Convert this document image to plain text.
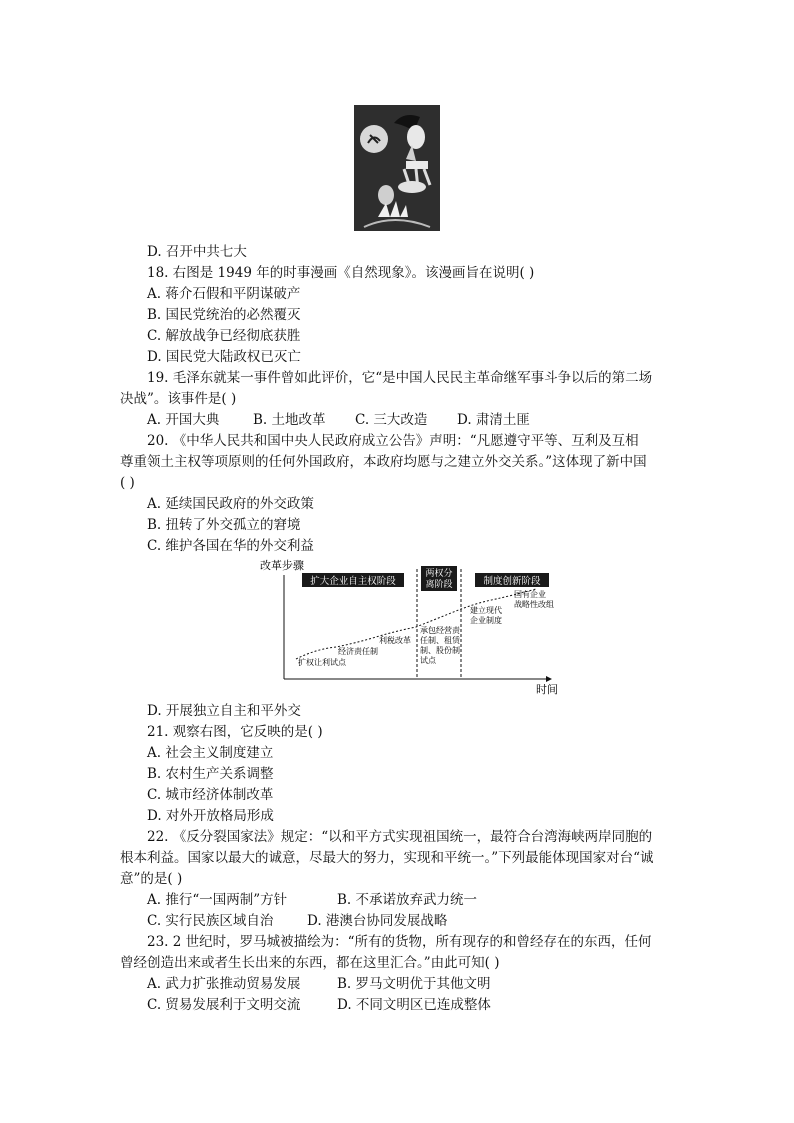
D. 召开中共七大
18. 右图是 1949 年的时事漫画《自然现象》。该漫画旨在说明( )
A. 蒋介石假和平阴谋破产
B. 国民党统治的必然覆灭
C. 解放战争已经彻底获胜
D. 国民党大陆政权已灭亡
19. 毛泽东就某一事件曾如此评价，它“是中国人民民主革命继军事斗争以后的第二场
决战”。该事件是( )
A. 开国大典 B. 土地改革 C. 三大改造 D. 肃清土匪
20. 《中华人民共和国中央人民政府成立公告》声明：“凡愿遵守平等、互利及互相
尊重领土主权等项原则的任何外国政府，本政府均愿与之建立外交关系。”这体现了新中国
( )
A. 延续国民政府的外交政策
B. 扭转了外交孤立的窘境
C. 维护各国在华的外交利益
改革步骤
时间
扩大企业自主权阶段
两权分
离阶段	制度创新阶段
扩权让利试点
经济责任制
利税改革
承包经营责
任制、租赁
制、股份制
试点
建立现代
企业制度
国有企业
战略性改组
D. 开展独立自主和平外交
21. 观察右图，它反映的是( )
A. 社会主义制度建立
B. 农村生产关系调整
C. 城市经济体制改革
D. 对外开放格局形成
22. 《反分裂国家法》规定：“以和平方式实现祖国统一，最符合台湾海峡两岸同胞的
根本利益。国家以最大的诚意，尽最大的努力，实现和平统一。”下列最能体现国家对台“诚
意”的是( )
A. 推行“一国两制”方针	B. 不承诺放弃武力统一
C. 实行民族区域自治 D. 港澳台协同发展战略
23. 2 世纪时，罗马城被描绘为：“所有的货物，所有现存的和曾经存在的东西，任何
曾经创造出来或者生长出来的东西，都在这里汇合。”由此可知( )
A. 武力扩张推动贸易发展	B. 罗马文明优于其他文明
C. 贸易发展利于文明交流	D. 不同文明区已连成整体
